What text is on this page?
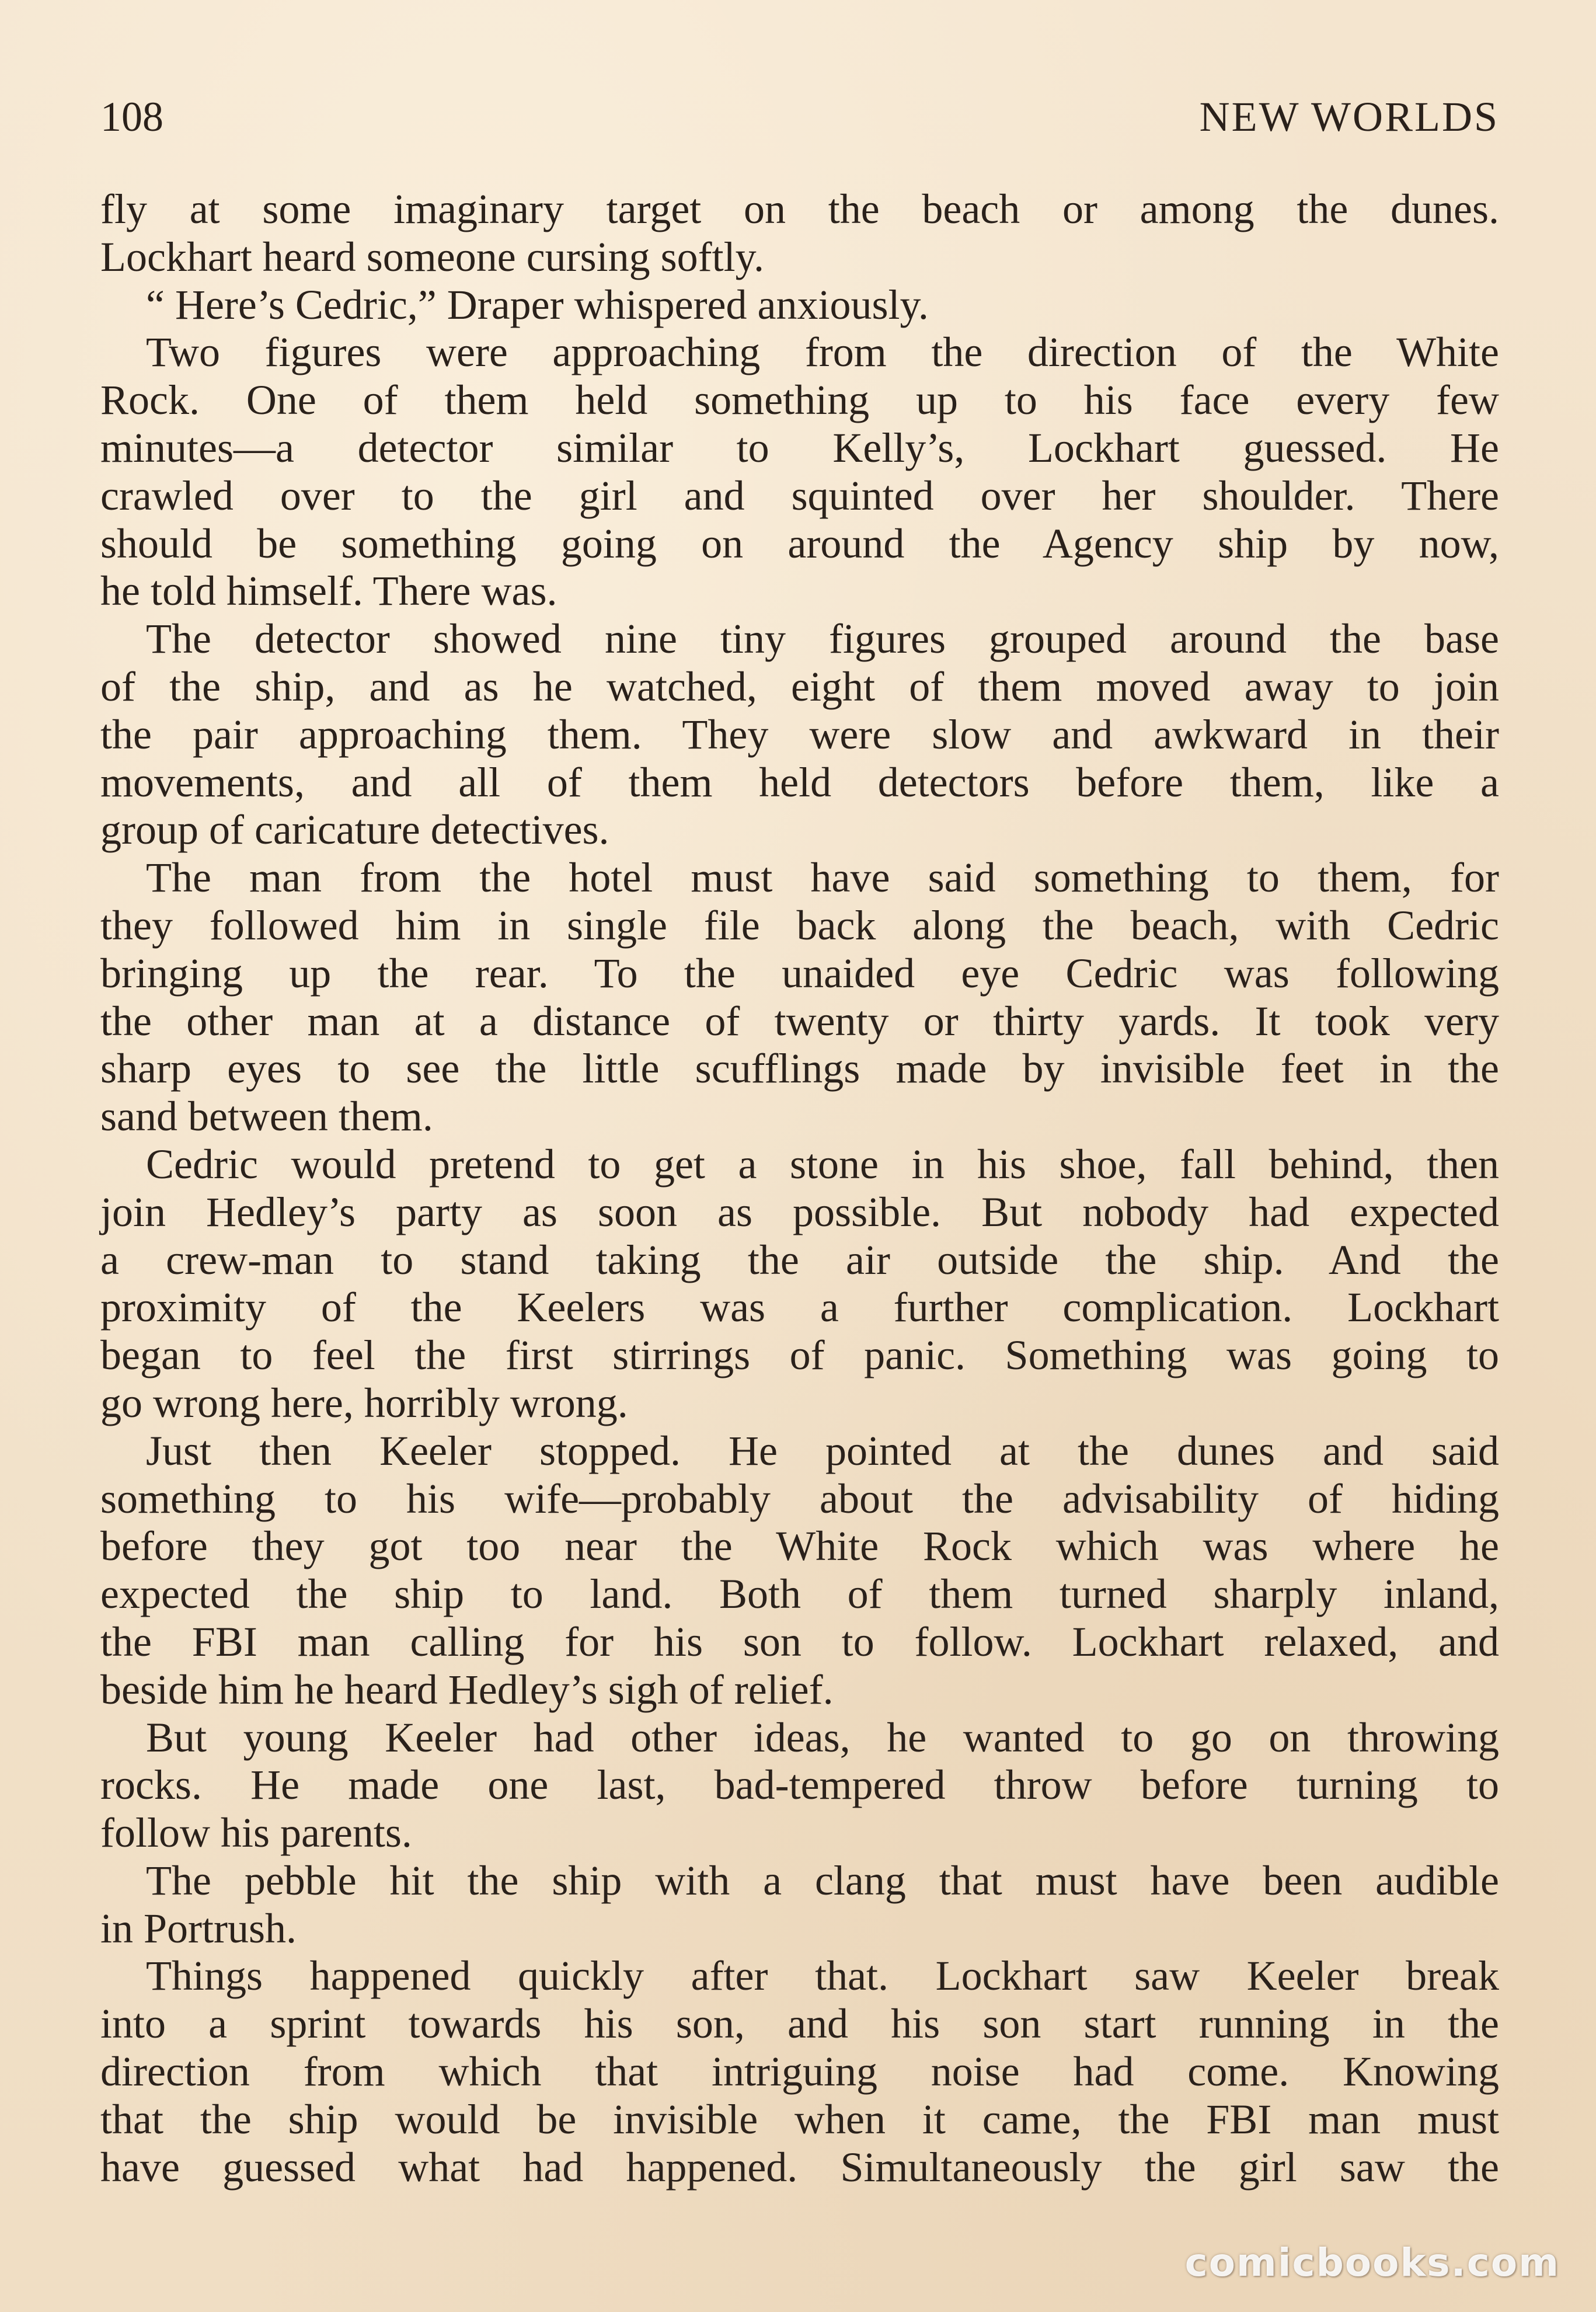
108	NEW WORLDS
fly at some imaginary target on the beach or among the dunes.
Lockhart heard someone cursing softly.
“ Here’s Cedric,” Draper whispered anxiously.
Two figures were approaching from the direction of the White
Rock. One of them held something up to his face every few
minutes—a detector similar to Kelly’s, Lockhart guessed. He
crawled over to the girl and squinted over her shoulder. There
should be something going on around the Agency ship by now,
he told himself. There was.
The detector showed nine tiny figures grouped around the base
of the ship, and as he watched, eight of them moved away to join
the pair approaching them. They were slow and awkward in their
movements, and all of them held detectors before them, like a
group of caricature detectives.
The man from the hotel must have said something to them, for
they followed him in single file back along the beach, with Cedric
bringing up the rear. To the unaided eye Cedric was following
the other man at a distance of twenty or thirty yards. It took very
sharp eyes to see the little scufflings made by invisible feet in the
sand between them.
Cedric would pretend to get a stone in his shoe, fall behind, then
join Hedley’s party as soon as possible. But nobody had expected
a crew-man to stand taking the air outside the ship. And the
proximity of the Keelers was a further complication. Lockhart
began to feel the first stirrings of panic. Something was going to
go wrong here, horribly wrong.
Just then Keeler stopped. He pointed at the dunes and said
something to his wife—probably about the advisability of hiding
before they got too near the White Rock which was where he
expected the ship to land. Both of them turned sharply inland,
the FBI man calling for his son to follow. Lockhart relaxed, and
beside him he heard Hedley’s sigh of relief.
But young Keeler had other ideas, he wanted to go on throwing
rocks. He made one last, bad-tempered throw before turning to
follow his parents.
The pebble hit the ship with a clang that must have been audible
in Portrush.
Things happened quickly after that. Lockhart saw Keeler break
into a sprint towards his son, and his son start running in the
direction from which that intriguing noise had come. Knowing
that the ship would be invisible when it came, the FBI man must
have guessed what had happened. Simultaneously the girl saw the
comicbooks.com
